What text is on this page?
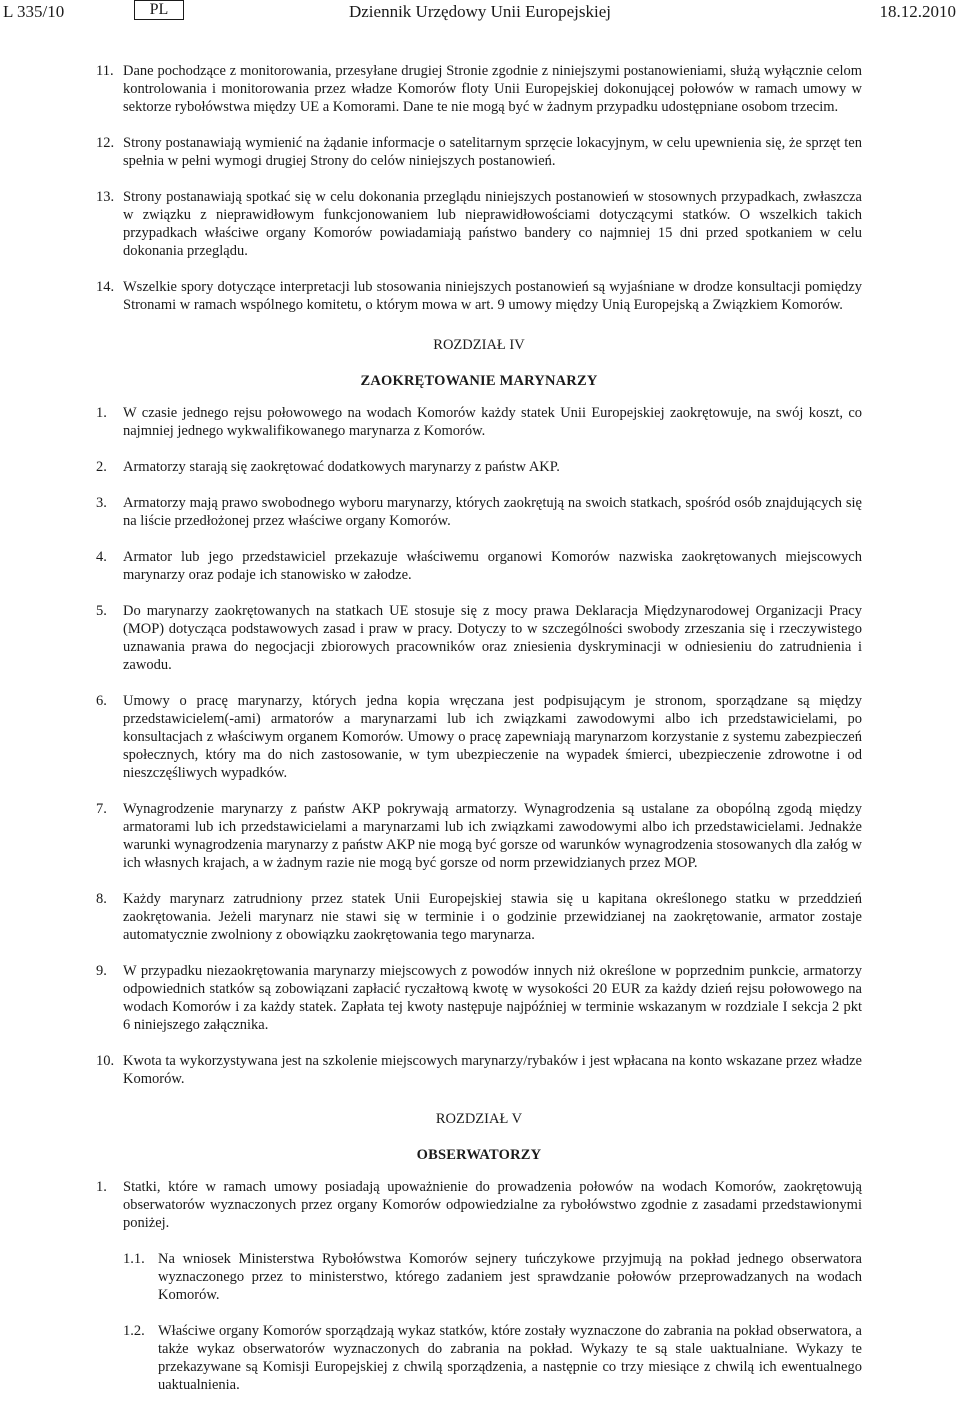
L 335/10	PL	Dziennik Urzędowy Unii Europejskiej	18.12.2010
11. Dane pochodzące z monitorowania, przesyłane drugiej Stronie zgodnie z niniejszymi postanowieniami, służą wyłącznie celom kontrolowania i monitorowania przez władze Komorów floty Unii Europejskiej dokonującej połowów w ramach umowy w sektorze rybołówstwa między UE a Komorami. Dane te nie mogą być w żadnym przypadku udostępniane osobom trzecim.
12. Strony postanawiają wymienić na żądanie informacje o satelitarnym sprzęcie lokacyjnym, w celu upewnienia się, że sprzęt ten spełnia w pełni wymogi drugiej Strony do celów niniejszych postanowień.
13. Strony postanawiają spotkać się w celu dokonania przeglądu niniejszych postanowień w stosownych przypadkach, zwłaszcza w związku z nieprawidłowym funkcjonowaniem lub nieprawidłowościami dotyczącymi statków. O wszelkich takich przypadkach właściwe organy Komorów powiadamiają państwo bandery co najmniej 15 dni przed spotkaniem w celu dokonania przeglądu.
14. Wszelkie spory dotyczące interpretacji lub stosowania niniejszych postanowień są wyjaśniane w drodze konsultacji pomiędzy Stronami w ramach wspólnego komitetu, o którym mowa w art. 9 umowy między Unią Europejską a Związkiem Komorów.
ROZDZIAŁ IV
ZAOKRĘTOWANIE MARYNARZY
1. W czasie jednego rejsu połowowego na wodach Komorów każdy statek Unii Europejskiej zaokrętowuje, na swój koszt, co najmniej jednego wykwalifikowanego marynarza z Komorów.
2. Armatorzy starają się zaokrętować dodatkowych marynarzy z państw AKP.
3. Armatorzy mają prawo swobodnego wyboru marynarzy, których zaokrętują na swoich statkach, spośród osób znajdujących się na liście przedłożonej przez właściwe organy Komorów.
4. Armator lub jego przedstawiciel przekazuje właściwemu organowi Komorów nazwiska zaokrętowanych miejscowych marynarzy oraz podaje ich stanowisko w załodze.
5. Do marynarzy zaokrętowanych na statkach UE stosuje się z mocy prawa Deklaracja Międzynarodowej Organizacji Pracy (MOP) dotycząca podstawowych zasad i praw w pracy. Dotyczy to w szczególności swobody zrzeszania się i rzeczywistego uznawania prawa do negocjacji zbiorowych pracowników oraz zniesienia dyskryminacji w odniesieniu do zatrudnienia i zawodu.
6. Umowy o pracę marynarzy, których jedna kopia wręczana jest podpisującym je stronom, sporządzane są między przedstawicielem(-ami) armatorów a marynarzami lub ich związkami zawodowymi albo ich przedstawicielami, po konsultacjach z właściwym organem Komorów. Umowy o pracę zapewniają marynarzom korzystanie z systemu zabezpieczeń społecznych, który ma do nich zastosowanie, w tym ubezpieczenie na wypadek śmierci, ubezpieczenie zdrowotne i od nieszczęśliwych wypadków.
7. Wynagrodzenie marynarzy z państw AKP pokrywają armatorzy. Wynagrodzenia są ustalane za obopólną zgodą między armatorami lub ich przedstawicielami a marynarzami lub ich związkami zawodowymi albo ich przedstawicielami. Jednakże warunki wynagrodzenia marynarzy z państw AKP nie mogą być gorsze od warunków wynagrodzenia stosowanych dla załóg w ich własnych krajach, a w żadnym razie nie mogą być gorsze od norm przewidzianych przez MOP.
8. Każdy marynarz zatrudniony przez statek Unii Europejskiej stawia się u kapitana określonego statku w przeddzień zaokrętowania. Jeżeli marynarz nie stawi się w terminie i o godzinie przewidzianej na zaokrętowanie, armator zostaje automatycznie zwolniony z obowiązku zaokrętowania tego marynarza.
9. W przypadku niezaokrętowania marynarzy miejscowych z powodów innych niż określone w poprzednim punkcie, armatorzy odpowiednich statków są zobowiązani zapłacić ryczałtową kwotę w wysokości 20 EUR za każdy dzień rejsu połowowego na wodach Komorów i za każdy statek. Zapłata tej kwoty następuje najpóźniej w terminie wskazanym w rozdziale I sekcja 2 pkt 6 niniejszego załącznika.
10. Kwota ta wykorzystywana jest na szkolenie miejscowych marynarzy/rybaków i jest wpłacana na konto wskazane przez władze Komorów.
ROZDZIAŁ V
OBSERWATORZY
1. Statki, które w ramach umowy posiadają upoważnienie do prowadzenia połowów na wodach Komorów, zaokrętowują obserwatorów wyznaczonych przez organy Komorów odpowiedzialne za rybołówstwo zgodnie z zasadami przedstawionymi poniżej.
1.1. Na wniosek Ministerstwa Rybołówstwa Komorów sejnery tuńczykowe przyjmują na pokład jednego obserwatora wyznaczonego przez to ministerstwo, którego zadaniem jest sprawdzanie połowów przeprowadzanych na wodach Komorów.
1.2. Właściwe organy Komorów sporządzają wykaz statków, które zostały wyznaczone do zabrania na pokład obserwatora, a także wykaz obserwatorów wyznaczonych do zabrania na pokład. Wykazy te są stale uaktualniane. Wykazy te przekazywane są Komisji Europejskiej z chwilą sporządzenia, a następnie co trzy miesiące z chwilą ich ewentualnego uaktualnienia.
